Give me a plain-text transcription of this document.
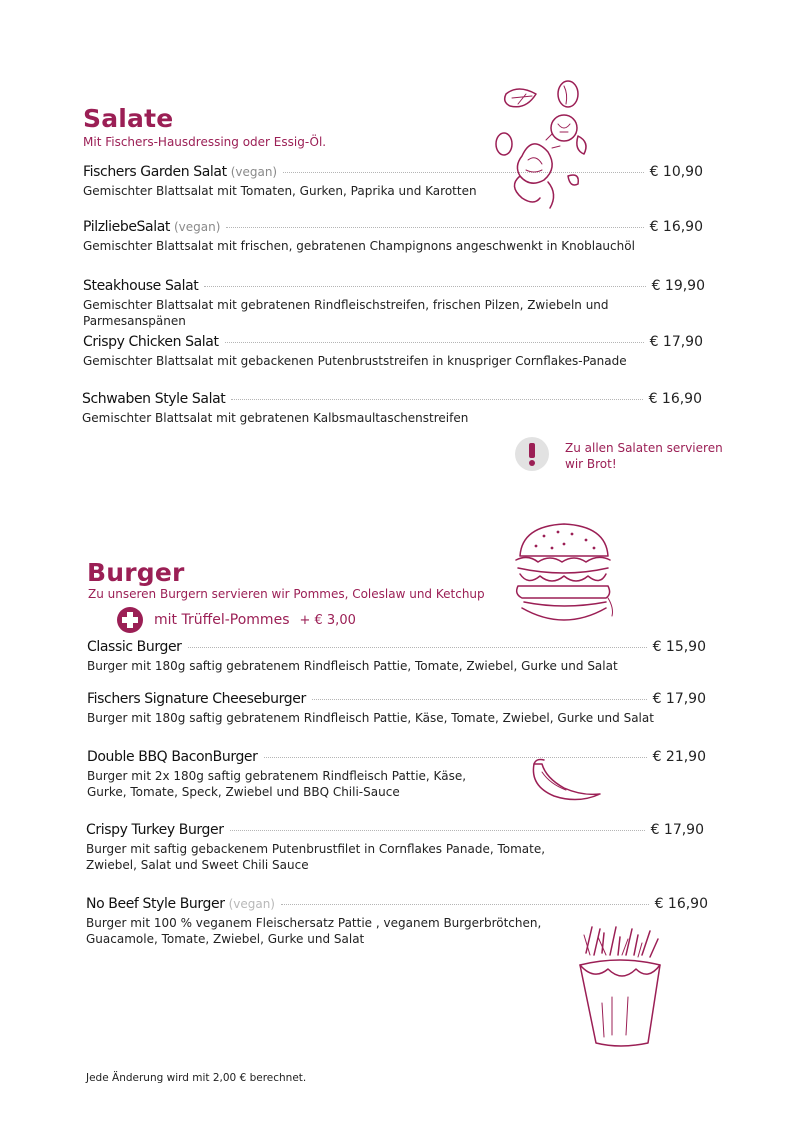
Salate
Mit Fischers-Hausdressing oder Essig-Öl.
Fischers Garden Salat (vegan)	€ 10,90
Gemischter Blattsalat mit Tomaten, Gurken, Paprika und Karotten
PilzliebeSalat (vegan)	€ 16,90
Gemischter Blattsalat mit frischen, gebratenen Champignons angeschwenkt in Knoblauchöl
Steakhouse Salat	€ 19,90
Gemischter Blattsalat mit gebratenen Rindfleischstreifen, frischen Pilzen, Zwiebeln und Parmesanspänen
Crispy Chicken Salat	€ 17,90
Gemischter Blattsalat mit gebackenen Putenbruststreifen in knuspriger Cornflakes-Panade
Schwaben Style Salat	€ 16,90
Gemischter Blattsalat mit gebratenen Kalbsmaultaschenstreifen
Zu allen Salaten servieren
wir Brot!
Burger
Zu unseren Burgern servieren wir Pommes, Coleslaw und Ketchup
mit Trüffel-Pommes + € 3,00
Classic Burger	€ 15,90
Burger mit 180g saftig gebratenem Rindfleisch Pattie, Tomate, Zwiebel, Gurke und Salat
Fischers Signature Cheeseburger	€ 17,90
Burger mit 180g saftig gebratenem Rindfleisch Pattie, Käse, Tomate, Zwiebel, Gurke und Salat
Double BBQ BaconBurger	€ 21,90
Burger mit 2x 180g saftig gebratenem Rindfleisch Pattie, Käse,
Gurke, Tomate, Speck, Zwiebel und BBQ Chili-Sauce
Crispy Turkey Burger	€ 17,90
Burger mit saftig gebackenem Putenbrustfilet in Cornflakes Panade, Tomate,
Zwiebel, Salat und Sweet Chili Sauce
No Beef Style Burger (vegan)	€ 16,90
Burger mit 100 % veganem Fleischersatz Pattie , veganem Burgerbrötchen,
Guacamole, Tomate, Zwiebel, Gurke und Salat
Jede Änderung wird mit 2,00 € berechnet.
